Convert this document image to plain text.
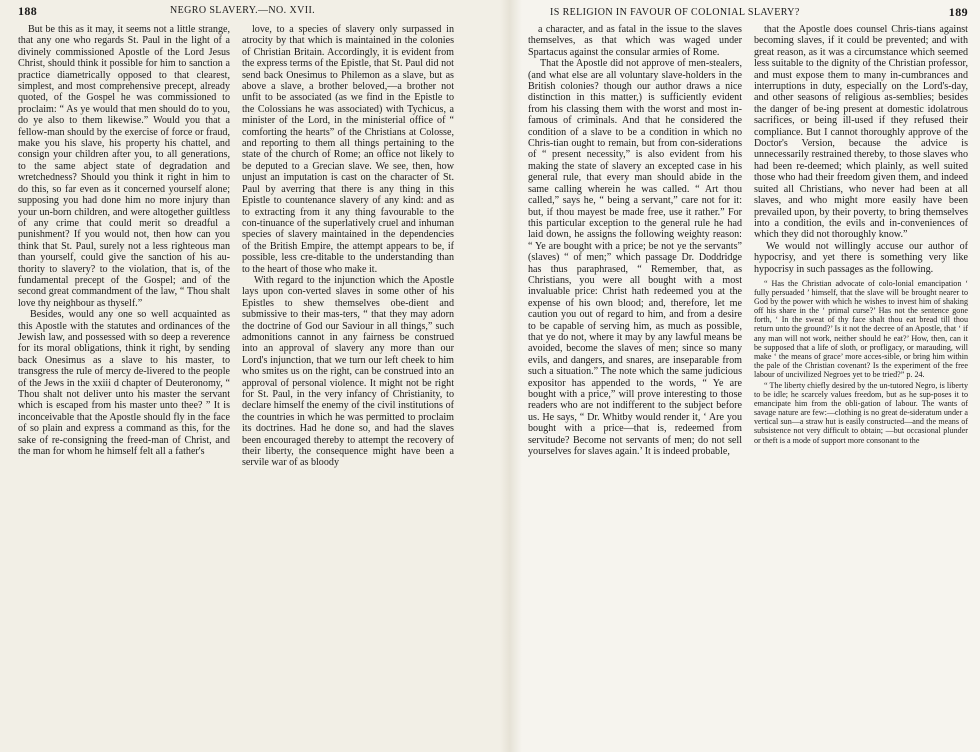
188	NEGRO SLAVERY.—NO. XVII.

But be this as it may, it seems not a little strange, that any one who regards St. Paul in the light of a divinely commissioned Apostle of the Lord Jesus Christ, should think it possible for him to sanction a practice diametrically opposed to that clearest, simplest, and most comprehensive precept, already quoted, of the Gospel he was commissioned to proclaim: “ As ye would that men should do to you, do ye also to them likewise.” Would you that a fellow-man should by the exercise of force or fraud, make you his slave, his property his chattel, and consign your children after you, to all generations, to the same abject state of degradation and wretchedness? Should you think it right in him to do this, so far even as it concerned yourself alone; supposing you had done him no more injury than your un-born children, and were altogether guiltless of any crime that could merit so dreadful a punishment? If you would not, then how can you think that St. Paul, surely not a less righteous man than yourself, could give the sanction of his au-thority to slavery? to the violation, that is, of the fundamental precept of the Gospel; and of the second great commandment of the law, “ Thou shalt love thy neighbour as thyself.”

Besides, would any one so well acquainted as this Apostle with the statutes and ordinances of the Jewish law, and possessed with so deep a reverence for its moral obligations, think it right, by sending back Onesimus as a slave to his master, to transgress the rule of mercy de-livered to the people of the Jews in the xxiii d chapter of Deuteronomy, “ Thou shalt not deliver unto his master the servant which is escaped from his master unto thee? ” It is inconceivable that the Apostle should fly in the face of so plain and express a command as this, for the sake of re-consigning the freed-man of Christ, and the man for whom he himself felt all a father's

love, to a species of slavery only surpassed in atrocity by that which is maintained in the colonies of Christian Britain. Accordingly, it is evident from the express terms of the Epistle, that St. Paul did not send back Onesimus to Philemon as a slave, but as above a slave, a brother beloved,—a brother not unfit to be associated (as we find in the Epistle to the Colossians he was associated) with Tychicus, a minister of the Lord, in the ministerial office of “ comforting the hearts” of the Christians at Colosse, and reporting to them all things pertaining to the state of the church of Rome; an office not likely to be deputed to a Grecian slave. We see, then, how unjust an imputation is cast on the character of St. Paul by averring that there is any thing in this Epistle to countenance slavery of any kind: and as to extracting from it any thing favourable to the con-tinuance of the superlatively cruel and inhuman species of slavery maintained in the dependencies of the British Empire, the attempt appears to be, if possible, less cre-ditable to the understanding than to the heart of those who make it.

With regard to the injunction which the Apostle lays upon con-verted slaves in some other of his Epistles to shew themselves obe-dient and submissive to their mas-ters, “ that they may adorn the doctrine of God our Saviour in all things,” such admonitions cannot in any fairness be construed into an approval of slavery any more than our Lord's injunction, that we turn our left cheek to him who smites us on the right, can be construed into an approval of personal violence. It might not be right for St. Paul, in the very infancy of Christianity, to declare himself the enemy of the civil institutions of the countries in which he was permitted to proclaim its doctrines. Had he done so, and had the slaves been encouraged thereby to attempt the recovery of their liberty, the consequence might have been a servile war of as bloody

IS RELIGION IN FAVOUR OF COLONIAL SLAVERY?	189

a character, and as fatal in the issue to the slaves themselves, as that which was waged under Spartacus against the consular armies of Rome.

That the Apostle did not approve of men-stealers, (and what else are all voluntary slave-holders in the British colonies? though our author draws a nice distinction in this matter,) is sufficiently evident from his classing them with the worst and most in-famous of criminals. And that he considered the condition of a slave to be a condition in which no Chris-tian ought to remain, but from con-siderations of “ present necessity,” is also evident from his making the state of slavery an excepted case in his general rule, that every man should abide in the same calling wherein he was called. “ Art thou called,” says he, “ being a servant,” care not for it: but, if thou mayest be made free, use it rather.” For this particular exception to the general rule he had laid down, he assigns the following weighty reason: “ Ye are bought with a price; be not ye the servants” (slaves) “ of men;” which passage Dr. Doddridge has thus paraphrased, “ Remember, that, as Christians, you were all bought with a most invaluable price: Christ hath redeemed you at the expense of his own blood; and, therefore, let me caution you out of regard to him, and from a desire to be capable of serving him, as much as possible, that ye do not, where it may by any lawful means be avoided, become the slaves of men; since so many evils, and dangers, and snares, are inseparable from such a situation.” The note which the same judicious expositor has appended to the words, “ Ye are bought with a price,” will prove interesting to those readers who are not indifferent to the subject before us. He says, “ Dr. Whitby would render it, ‘ Are you bought with a price—that is, redeemed from servitude? Become not servants of men; do not sell yourselves for slaves again.’ It is indeed probable,

that the Apostle does counsel Chris-tians against becoming slaves, if it could be prevented; and with great reason, as it was a circumstance which seemed less suitable to the dignity of the Christian professor, and must expose them to many in-cumbrances and interruptions in duty, especially on the Lord's-day, and other seasons of religious as-semblies; besides the danger of be-ing present at domestic idolatrous sacrifices, or being ill-used if they refused their compliance. But I cannot thoroughly approve of the Doctor's Version, because the advice is unnecessarily restrained thereby, to those slaves who had been re-deemed; which plainly, as well suited those who had their freedom given them, and indeed suited all Christians, who never had been at all slaves, and who might more easily have been prevailed upon, by their poverty, to bring themselves into a condition, the evils and in-conveniences of which they did not thoroughly know.”

We would not willingly accuse our author of hypocrisy, and yet there is something very like hypocrisy in such passages as the following.

“ Has the Christian advocate of colo-lonial emancipation ‘ fully persuaded ’ himself, that the slave will be brought nearer to God by the power with which he wishes to invest him of shaking off his share in the ‘ primal curse?’ Has not the sentence gone forth, ‘ In the sweat of thy face shalt thou eat bread till thou return unto the ground?’ Is it not the decree of an Apostle, that ‘ if any man will not work, neither should he eat?’ How, then, can it be supposed that a life of sloth, or profligacy, or marauding, will make ‘ the means of grace’ more acces-sible, or bring him within the pale of the Christian covenant? Is the experiment of the free labour of uncivilized Negroes yet to be tried?” p. 24.

“ The liberty chiefly desired by the un-tutored Negro, is liberty to be idle; he scarcely values freedom, but as he sup-poses it to emancipate him from the obli-gation of labour. The wants of savage nature are few:—clothing is no great de-sideratum under a vertical sun—a straw hut is easily constructed—and the means of subsistence not very difficult to obtain; —but occasional plunder or theft is a mode of support more consonant to the
